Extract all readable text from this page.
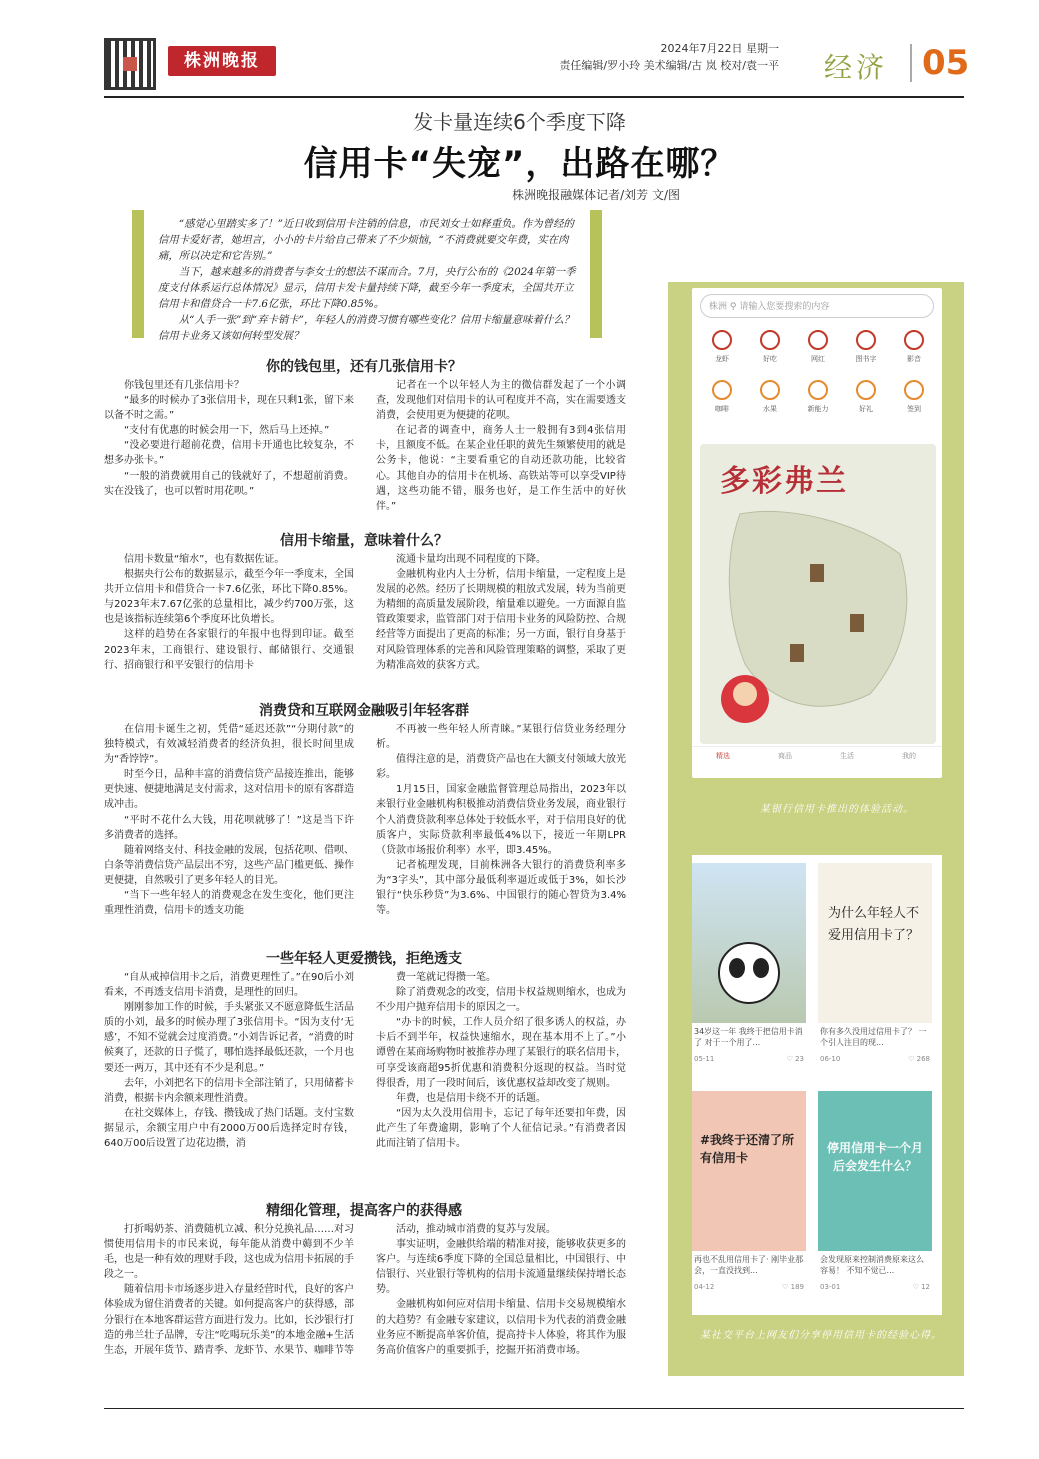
株洲晚报
2024年7月22日 星期一
责任编辑/罗小玲 美术编辑/古 岚 校对/袁一平 经济 05
发卡量连续6个季度下降
信用卡“失宠”，出路在哪？
株洲晚报融媒体记者/刘芳 文/图

“感觉心里踏实多了！”近日收到信用卡注销的信息，市民刘女士如释重负。作为曾经的信用卡爱好者，她坦言，小小的卡片给自己带来了不少烦恼，“不消费就要交年费，实在肉痛，所以决定和它告别。”

当下，越来越多的消费者与李女士的想法不谋而合。7月，央行公布的《2024年第一季度支付体系运行总体情况》显示，信用卡发卡量持续下降，截至今年一季度末，全国共开立信用卡和借贷合一卡7.6亿张，环比下降0.85%。

从“人手一张”到“弃卡销卡”，年轻人的消费习惯有哪些变化？信用卡缩量意味着什么？信用卡业务又该如何转型发展？

你的钱包里，还有几张信用卡？

你钱包里还有几张信用卡？

“最多的时候办了3张信用卡，现在只剩1张，留下来以备不时之需。”

“支付有优惠的时候会用一下，然后马上还掉。”

“没必要进行超前花费，信用卡开通也比较复杂，不想多办张卡。”

“一般的消费就用自己的钱就好了，不想超前消费。实在没钱了，也可以暂时用花呗。”

记者在一个以年轻人为主的微信群发起了一个小调查，发现他们对信用卡的认可程度并不高，实在需要透支消费，会使用更为便捷的花呗。

在记者的调查中，商务人士一般拥有3到4张信用卡，且额度不低。在某企业任职的黄先生频繁使用的就是公务卡，他说：“主要看重它的自动还款功能，比较省心。其他自办的信用卡在机场、高铁站等可以享受VIP待遇，这些功能不错，服务也好，是工作生活中的好伙伴。”

信用卡缩量，意味着什么？

信用卡数量“缩水”，也有数据佐证。

根据央行公布的数据显示，截至今年一季度末，全国共开立信用卡和借贷合一卡7.6亿张，环比下降0.85%。与2023年末7.67亿张的总量相比，减少约700万张，这也是该指标连续第6个季度环比负增长。

这样的趋势在各家银行的年报中也得到印证。截至2023年末，工商银行、建设银行、邮储银行、交通银行、招商银行和平安银行的信用卡

流通卡量均出现不同程度的下降。

金融机构业内人士分析，信用卡缩量，一定程度上是发展的必然。经历了长期规模的粗放式发展，转为当前更为精细的高质量发展阶段，缩量难以避免。一方面源自监管政策要求，监管部门对于信用卡业务的风险防控、合规经营等方面提出了更高的标准；另一方面，银行自身基于对风险管理体系的完善和风险管理策略的调整，采取了更为精准高效的获客方式。

消费贷和互联网金融吸引年轻客群

在信用卡诞生之初，凭借“延迟还款”“分期付款”的独特模式，有效减轻消费者的经济负担，很长时间里成为“香饽饽”。

时至今日，品种丰富的消费信贷产品接连推出，能够更快速、便捷地满足支付需求，这对信用卡的原有客群造成冲击。

“平时不花什么大钱，用花呗就够了！”这是当下许多消费者的选择。

随着网络支付、科技金融的发展，包括花呗、借呗、白条等消费信贷产品层出不穷，这些产品门槛更低、操作更便捷，自然吸引了更多年轻人的目光。

“当下一些年轻人的消费观念在发生变化，他们更注重理性消费，信用卡的透支功能

不再被一些年轻人所青睐。”某银行信贷业务经理分析。

值得注意的是，消费贷产品也在大额支付领域大放光彩。

1月15日，国家金融监督管理总局指出，2023年以来银行业金融机构积极推动消费信贷业务发展，商业银行个人消费贷款利率总体处于较低水平，对于信用良好的优质客户，实际贷款利率最低4%以下，接近一年期LPR（贷款市场报价利率）水平，即3.45%。

记者梳理发现，目前株洲各大银行的消费贷利率多为“3字头”，其中部分最低利率逼近或低于3%，如长沙银行“快乐秒贷”为3.6%、中国银行的随心智贷为3.4%等。

一些年轻人更爱攒钱，拒绝透支

“自从戒掉信用卡之后，消费更理性了。”在90后小刘看来，不再透支信用卡消费，是理性的回归。

刚刚参加工作的时候，手头紧张又不愿意降低生活品质的小刘，最多的时候办理了3张信用卡。“因为支付‘无感’，不知不觉就会过度消费。”小刘告诉记者，“消费的时候爽了，还款的日子慌了，哪怕选择最低还款，一个月也要还一两万，其中还有不少是利息。”

去年，小刘把名下的信用卡全部注销了，只用储蓄卡消费，根据卡内余额来理性消费。

在社交媒体上，存钱、攒钱成了热门话题。支付宝数据显示，余额宝用户中有2000万00后选择定时存钱，640万00后设置了边花边攒，消

费一笔就记得攒一笔。

除了消费观念的改变，信用卡权益规则缩水，也成为不少用户抛弃信用卡的原因之一。

“办卡的时候，工作人员介绍了很多诱人的权益，办卡后不到半年，权益快速缩水，现在基本用不上了。”小谭曾在某商场购物时被推荐办理了某银行的联名信用卡，可享受该商超95折优惠和消费积分返现的权益。当时觉得很香，用了一段时间后，该优惠权益却改变了规则。

年费，也是信用卡绕不开的话题。

“因为太久没用信用卡，忘记了每年还要扣年费，因此产生了年费逾期，影响了个人征信记录。”有消费者因此而注销了信用卡。

精细化管理，提高客户的获得感

打折喝奶茶、消费随机立减、积分兑换礼品……对习惯使用信用卡的市民来说，每年能从消费中薅到不少羊毛，也是一种有效的理财手段，这也成为信用卡拓展的手段之一。

随着信用卡市场逐步进入存量经营时代，良好的客户体验成为留住消费者的关键。如何提高客户的获得感，部分银行在本地客群运营方面进行发力。比如，长沙银行打造的弗兰壮子品牌，专注“吃喝玩乐美”的本地金融+生活生态，开展年货节、踏青季、龙虾节、水果节、咖啡节等

活动，推动城市消费的复苏与发展。

事实证明，金融供给端的精准对接，能够收获更多的客户。与连续6季度下降的全国总量相比，中国银行、中信银行、兴业银行等机构的信用卡流通量继续保持增长态势。

金融机构如何应对信用卡缩量、信用卡交易规模缩水的大趋势？有金融专家建议，以信用卡为代表的消费金融业务应不断提高单客价值，提高持卡人体验，将其作为服务高价值客户的重要抓手，挖掘开拓消费市场。

株洲 ⚲ 请输入您要搜索的内容
龙虾	好吃	网红	图书字	影音
咖啡	水果	新能力	好礼	签到
多彩弗兰
精选	商品	生活	我的
某银行信用卡推出的体验活动。
34岁这一年 我终于把信用卡消了 对于一个用了...
05-11	♡ 23
为什么年轻人不爱用信用卡了？
你有多久没用过信用卡了？ 一个引人注目的现...
06-10	♡ 268
#我终于还清了所有信用卡
再也不乱用信用卡了· 刚毕业那会，一直没找到...
04-12	♡ 189
停用信用卡一个月后会发生什么？
会发现原来控制消费原来这么容易！ 不知不觉已...
03-01	♡ 12
某社交平台上网友们分享停用信用卡的经验心得。
